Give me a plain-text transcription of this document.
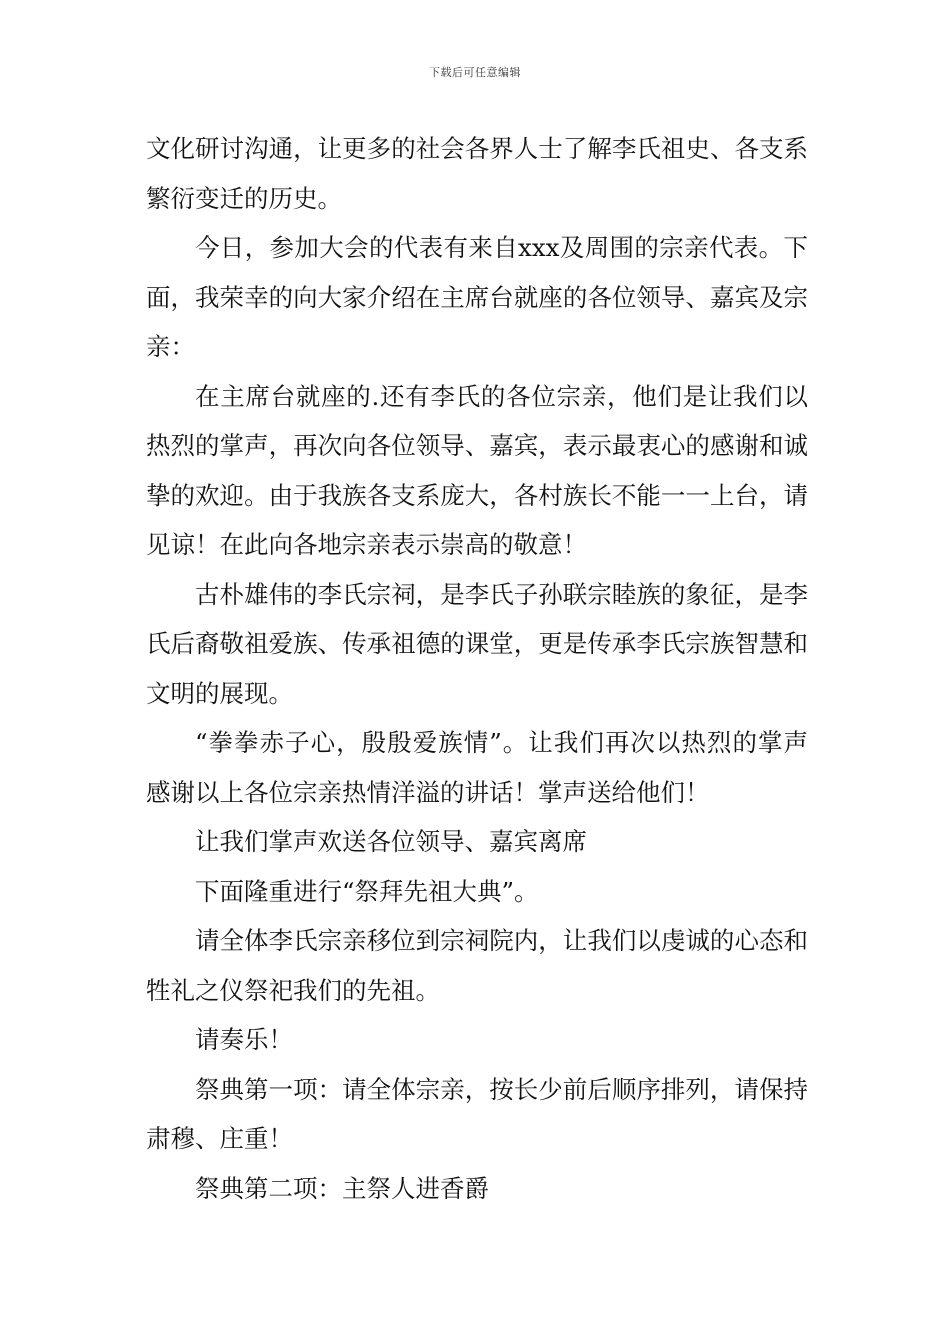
下载后可任意编辑

文化研讨沟通，让更多的社会各界人士了解李氏祖史、各支系繁衍变迁的历史。

今日，参加大会的代表有来自xxx及周围的宗亲代表。下面，我荣幸的向大家介绍在主席台就座的各位领导、嘉宾及宗亲：

在主席台就座的.还有李氏的各位宗亲，他们是让我们以热烈的掌声，再次向各位领导、嘉宾，表示最衷心的感谢和诚挚的欢迎。由于我族各支系庞大，各村族长不能一一上台，请见谅！在此向各地宗亲表示崇高的敬意！

古朴雄伟的李氏宗祠，是李氏子孙联宗睦族的象征，是李氏后裔敬祖爱族、传承祖德的课堂，更是传承李氏宗族智慧和文明的展现。

“拳拳赤子心，殷殷爱族情”。让我们再次以热烈的掌声感谢以上各位宗亲热情洋溢的讲话！掌声送给他们！

让我们掌声欢送各位领导、嘉宾离席

下面隆重进行“祭拜先祖大典”。

请全体李氏宗亲移位到宗祠院内，让我们以虔诚的心态和牲礼之仪祭祀我们的先祖。

请奏乐！

祭典第一项：请全体宗亲，按长少前后顺序排列，请保持肃穆、庄重！

祭典第二项：主祭人进香爵
